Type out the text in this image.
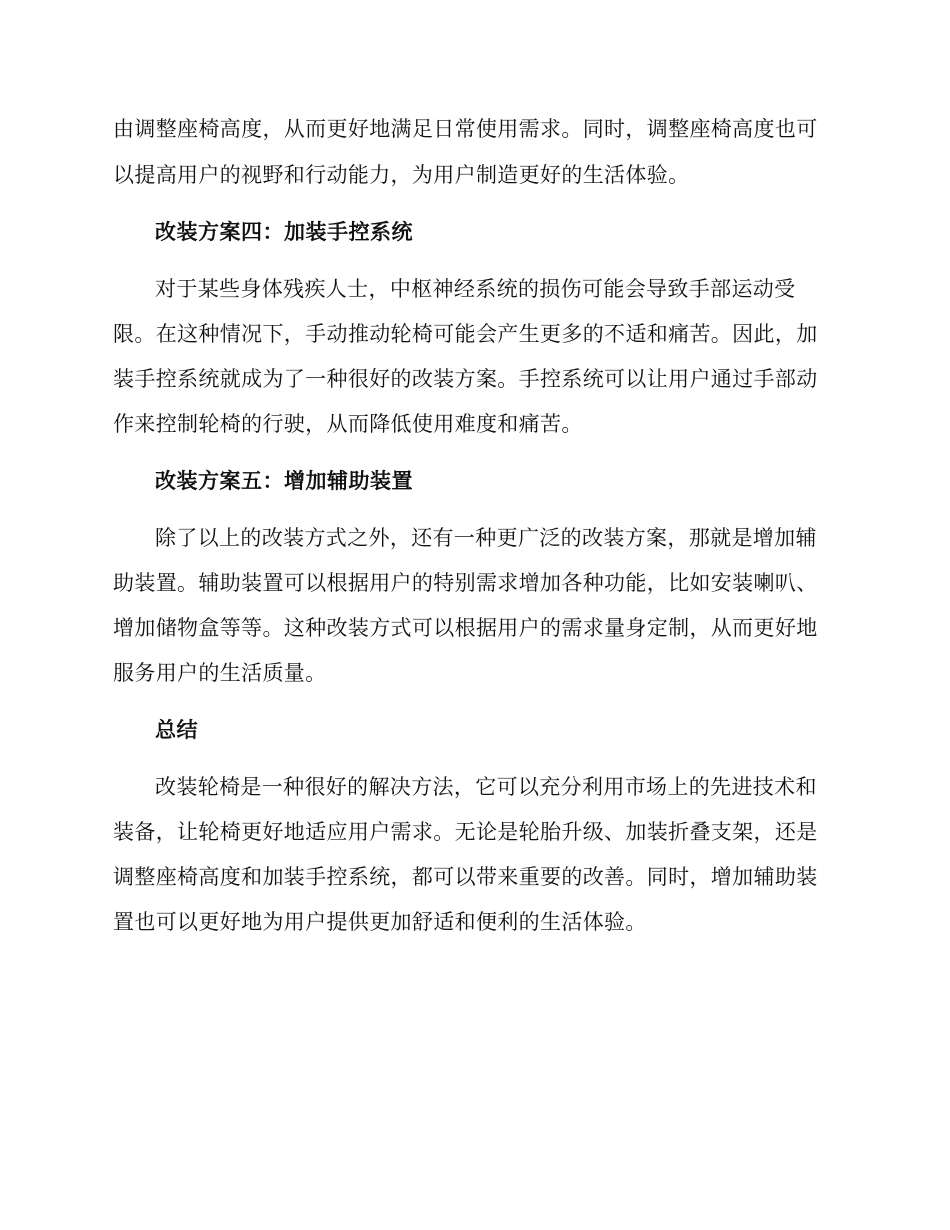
由调整座椅高度，从而更好地满足日常使用需求。同时，调整座椅高度也可
以提高用户的视野和行动能力，为用户制造更好的生活体验。
改装方案四：加装手控系统
对于某些身体残疾人士，中枢神经系统的损伤可能会导致手部运动受
限。在这种情况下，手动推动轮椅可能会产生更多的不适和痛苦。因此，加
装手控系统就成为了一种很好的改装方案。手控系统可以让用户通过手部动
作来控制轮椅的行驶，从而降低使用难度和痛苦。
改装方案五：增加辅助装置
除了以上的改装方式之外，还有一种更广泛的改装方案，那就是增加辅
助装置。辅助装置可以根据用户的特别需求增加各种功能，比如安装喇叭、
增加储物盒等等。这种改装方式可以根据用户的需求量身定制，从而更好地
服务用户的生活质量。
总结
改装轮椅是一种很好的解决方法，它可以充分利用市场上的先进技术和
装备，让轮椅更好地适应用户需求。无论是轮胎升级、加装折叠支架，还是
调整座椅高度和加装手控系统，都可以带来重要的改善。同时，增加辅助装
置也可以更好地为用户提供更加舒适和便利的生活体验。
